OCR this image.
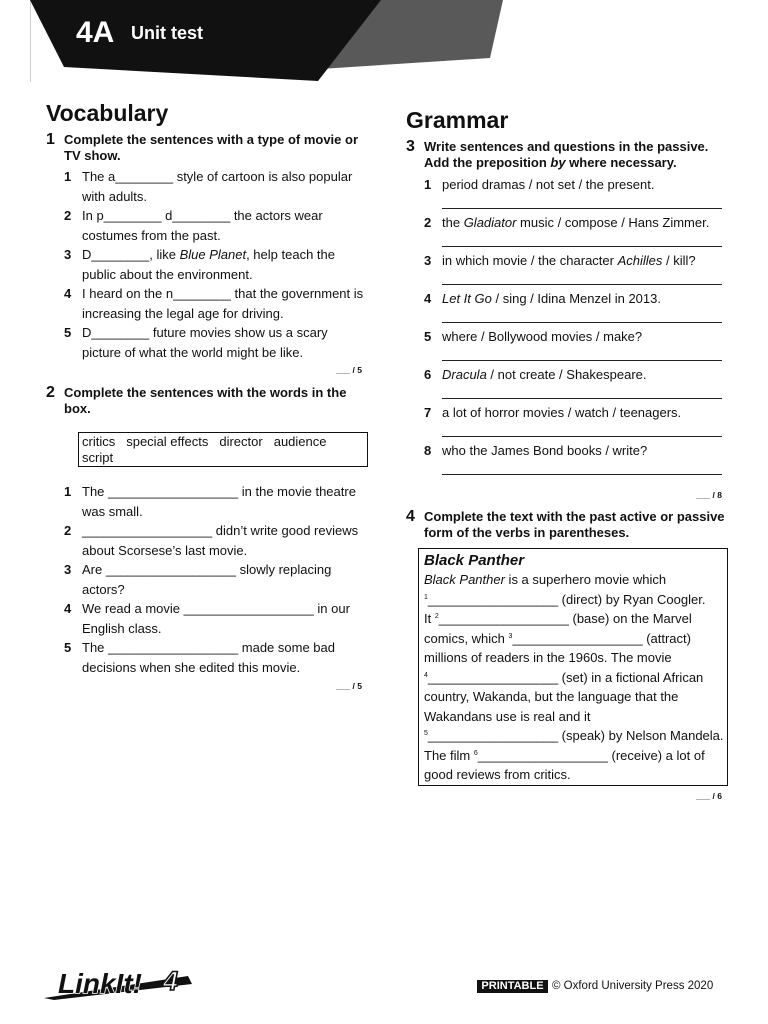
4A Unit test
Vocabulary
1 Complete the sentences with a type of movie or
TV show.
1 The a________ style of cartoon is also popular
with adults.
2 In p________ d________ the actors wear
costumes from the past.
3 D________, like Blue Planet, help teach the
public about the environment.
4 I heard on the n________ that the government is
increasing the legal age for driving.
5 D________ future movies show us a scary
picture of what the world might be like.
___ / 5
2 Complete the sentences with the words in the
box.
critics special effects director audience
script
1 The __________________ in the movie theatre
was small.
2 __________________ didn’t write good reviews
about Scorsese’s last movie.
3 Are __________________ slowly replacing
actors?
4 We read a movie __________________ in our
English class.
5 The __________________ made some bad
decisions when she edited this movie.
___ / 5
Grammar
3 Write sentences and questions in the passive.
Add the preposition by where necessary.
1 period dramas / not set / the present.
2 the Gladiator music / compose / Hans Zimmer.
3 in which movie / the character Achilles / kill?
4 Let It Go / sing / Idina Menzel in 2013.
5 where / Bollywood movies / make?
6 Dracula / not create / Shakespeare.
7 a lot of horror movies / watch / teenagers.
8 who the James Bond books / write?
___ / 8
4 Complete the text with the past active or passive
form of the verbs in parentheses.
Black Panther
Black Panther is a superhero movie which
$^1$__________________ (direct) by Ryan Coogler.
It $^2$__________________ (base) on the Marvel
comics, which $^3$__________________ (attract)
millions of readers in the 1960s. The movie
$^4$__________________ (set) in a fictional African
country, Wakanda, but the language that the
Wakandans use is real and it
$^5$__________________ (speak) by Nelson Mandela.
The film $^6$__________________ (receive) a lot of
good reviews from critics.
___ / 6
LinkIt! 4	PRINTABLE © Oxford University Press 2020
